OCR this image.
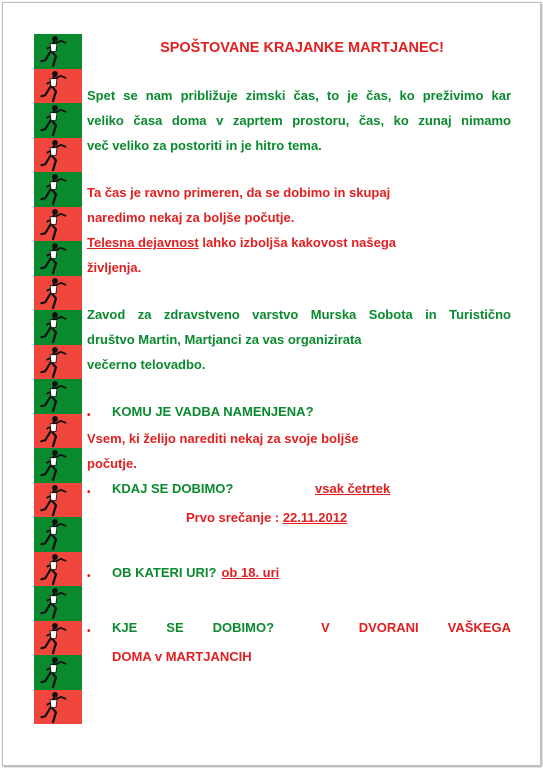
SPOŠTOVANE KRAJANKE MARTJANEC!
Spet se nam približuje zimski čas, to je čas, ko preživimo kar
veliko časa doma v zaprtem prostoru, čas, ko zunaj nimamo
več veliko za postoriti in je hitro tema.
Ta čas je ravno primeren, da se dobimo in skupaj
naredimo nekaj za boljše počutje.
Telesna dejavnost lahko izboljša kakovost našega
življenja.
Zavod za zdravstveno varstvo Murska Sobota in Turistično
društvo Martin, Martjanci za vas organizirata
večerno telovadbo.
•	KOMU JE VADBA NAMENJENA?
Vsem, ki želijo narediti nekaj za svoje boljše
počutje.
•	KDAJ SE DOBIMO?	vsak četrtek
Prvo srečanje : 22.11.2012
•	OB KATERI URI? ob 18. uri
•	KJE SE DOBIMO?	V DVORANI VAŠKEGA
DOMA v MARTJANCIH
